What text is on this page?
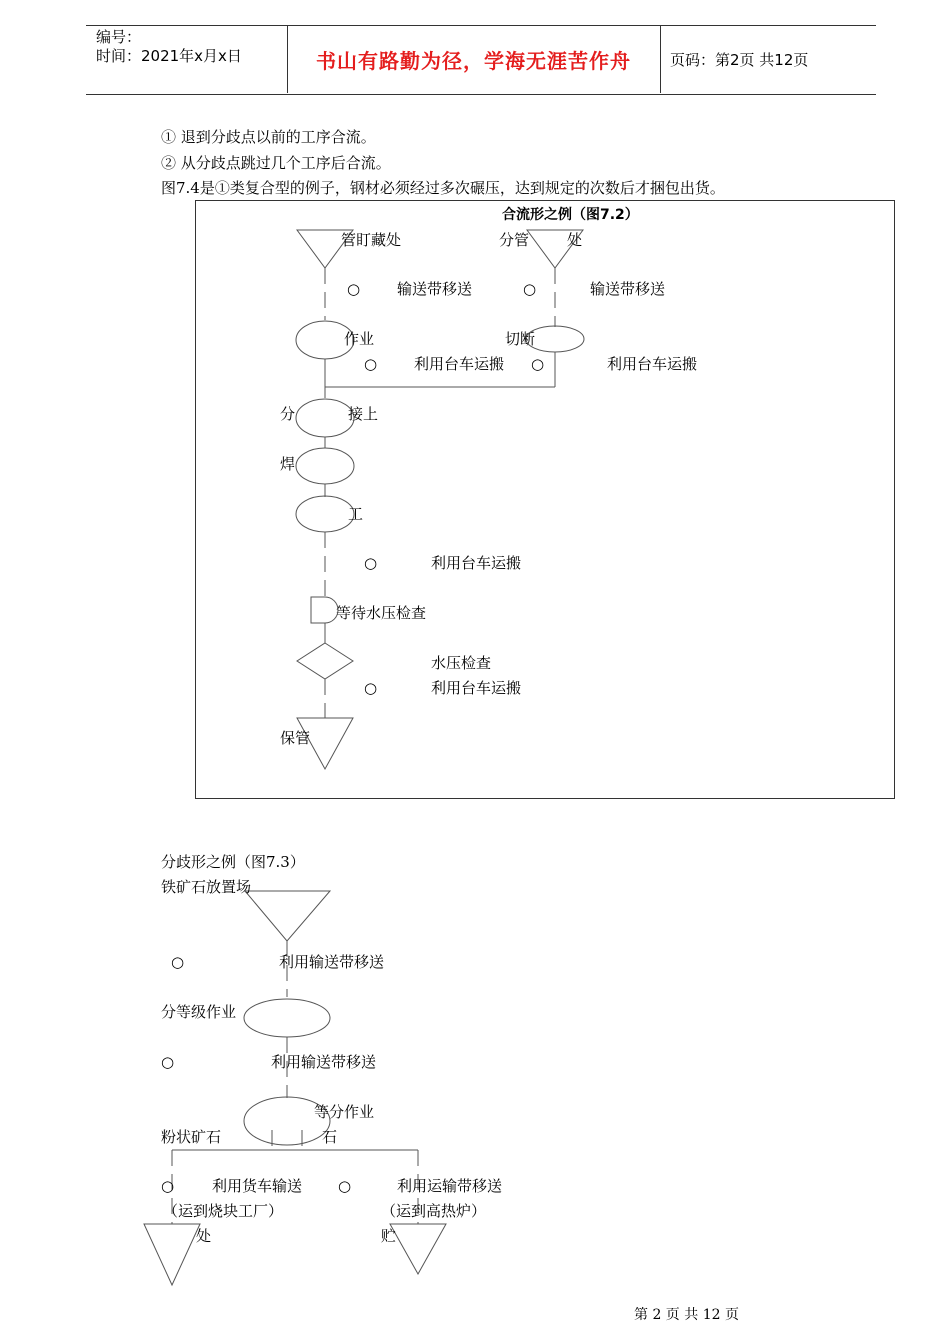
编号：
时间：2021年x月x日	书山有路勤为径，学海无涯苦作舟	页码：第2页 共12页
① 退到分歧点以前的工序合流。
② 从分歧点跳过几个工序后合流。
图7.4是①类复合型的例子，钢材必须经过多次碾压，达到规定的次数后才捆包出货。
合流形之例（图7.2）
管盯藏处	分管	处
○ 输送带移送	○	输送带移送
作业	切断
○ 利用台车运搬 ○	利用台车运搬
分	接上
焊
工
○	利用台车运搬
等待水压检查
水压检查
○	利用台车运搬
保管
分歧形之例（图7.3）
铁矿石放置场
○	利用输送带移送
分等级作业
○	利用输送带移送
等分作业
粉状矿石	石
○	利用货车输送 ○	利用运输带移送
（运到烧块工厂）	（运到高热炉）
处	贮
第 2 页 共 12 页
